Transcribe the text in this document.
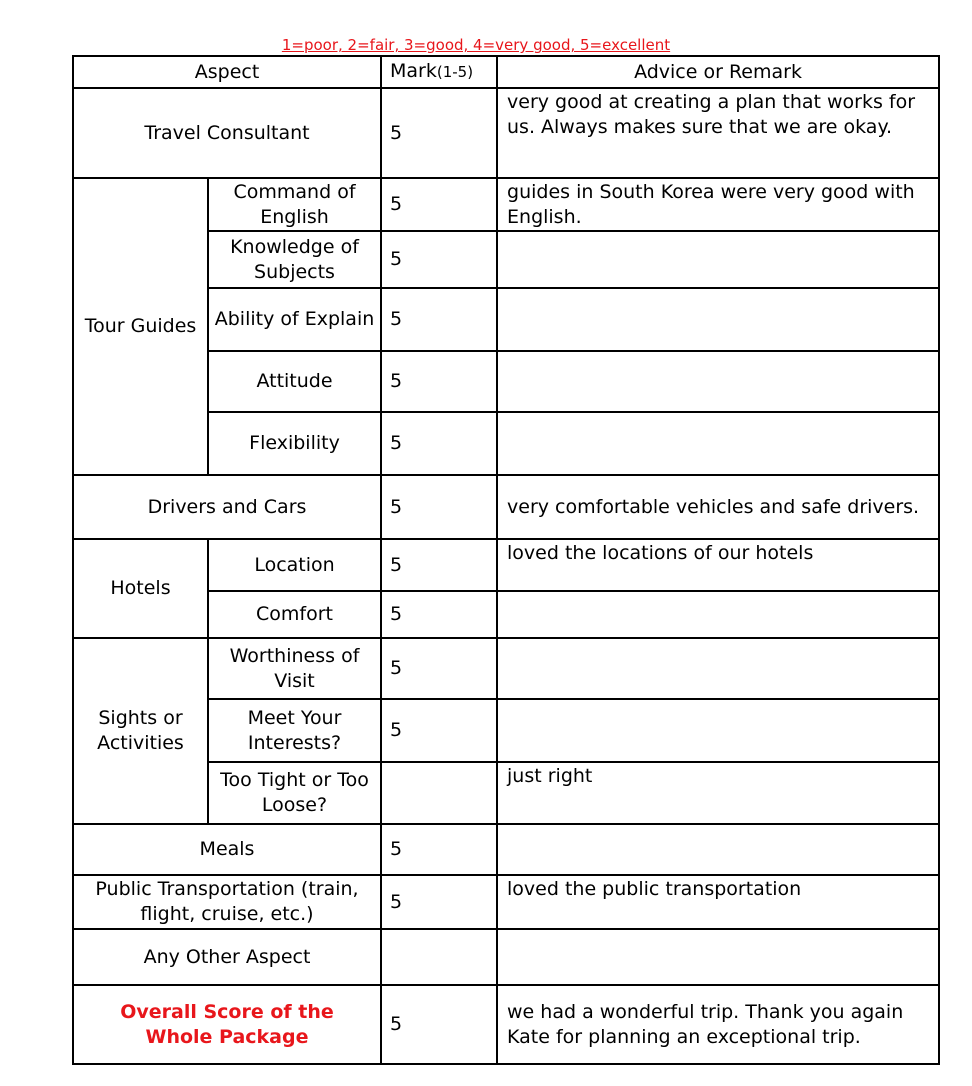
1=poor, 2=fair, 3=good, 4=very good, 5=excellent
Aspect		Mark(1-5)	Advice or Remark
Travel Consultant		5	very good at creating a plan that works for us. Always makes sure that we are okay.
Tour Guides	Command of English	5	guides in South Korea were very good with English.
	Knowledge of Subjects	5	
	Ability of Explain	5	
	Attitude	5	
	Flexibility	5	
Drivers and Cars		5	very comfortable vehicles and safe drivers.
Hotels	Location	5	loved the locations of our hotels
	Comfort	5	
Sights or Activities	Worthiness of Visit	5	
	Meet Your Interests?	5	
	Too Tight or Too Loose?		just right
Meals		5	
Public Transportation (train, flight, cruise, etc.)		5	loved the public transportation
Any Other Aspect			
Overall Score of the Whole Package		5	we had a wonderful trip. Thank you again Kate for planning an exceptional trip.
